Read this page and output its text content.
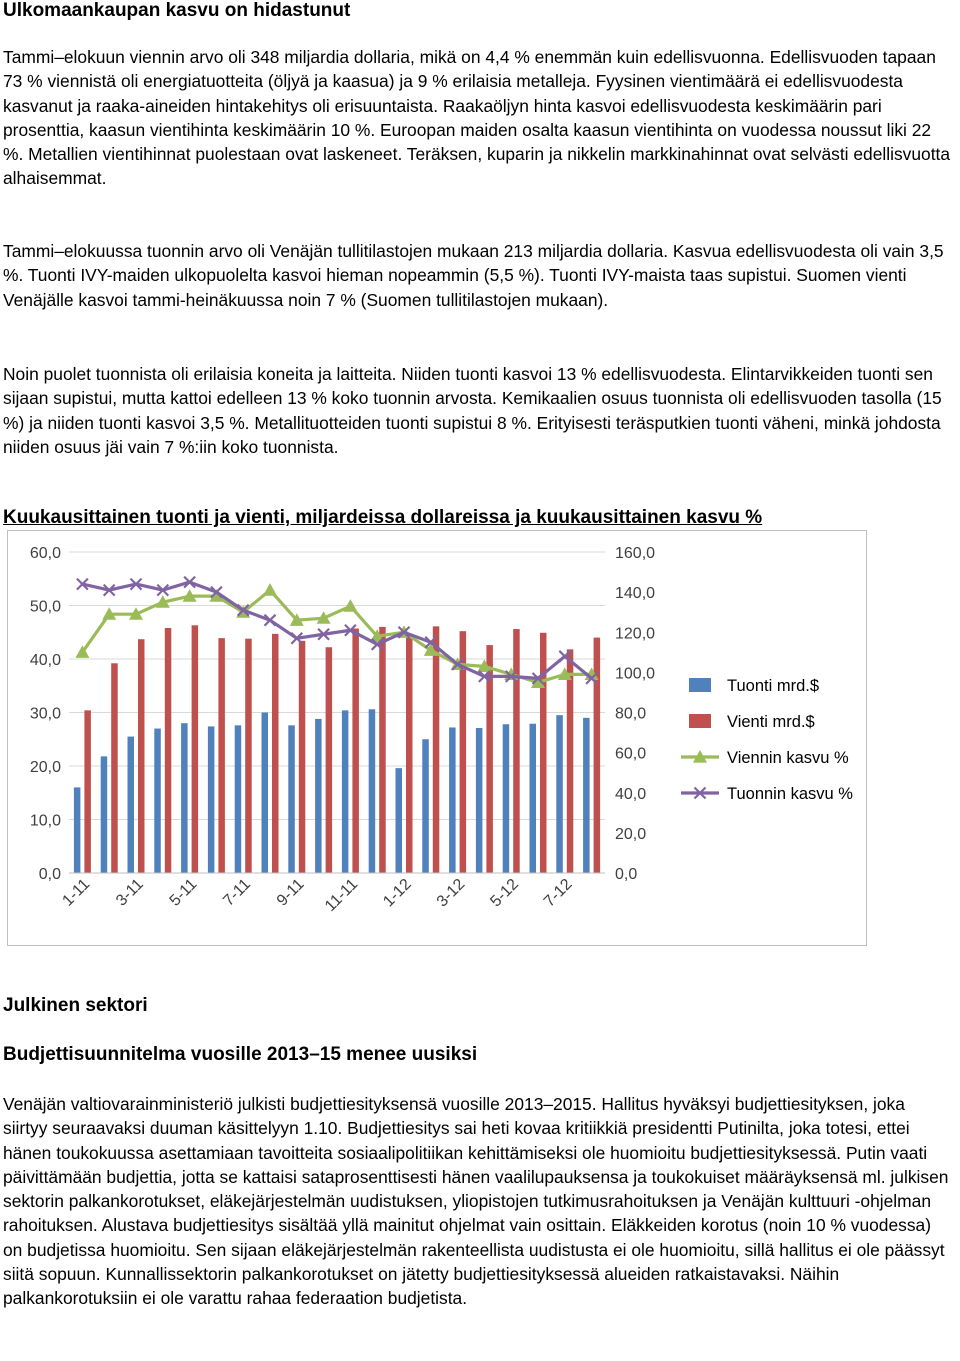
Ulkomaankaupan kasvu on hidastunut

Tammi–elokuun viennin arvo oli 348 miljardia dollaria, mikä on 4,4 % enemmän kuin edellisvuonna. Edellisvuoden tapaan 73 % viennistä oli energiatuotteita (öljyä ja kaasua) ja 9 % erilaisia metalleja. Fyysinen vientimäärä ei edellisvuodesta kasvanut ja raaka-aineiden hintakehitys oli erisuuntaista. Raakaöljyn hinta kasvoi edellisvuodesta keskimäärin pari prosenttia, kaasun vientihinta keskimäärin 10 %. Euroopan maiden osalta kaasun vientihinta on vuodessa noussut liki 22 %. Metallien vientihinnat puolestaan ovat laskeneet. Teräksen, kuparin ja nikkelin markkinahinnat ovat selvästi edellisvuotta alhaisemmat.

Tammi–elokuussa tuonnin arvo oli Venäjän tullitilastojen mukaan 213 miljardia dollaria. Kasvua edellisvuodesta oli vain 3,5 %. Tuonti IVY-maiden ulkopuolelta kasvoi hieman nopeammin (5,5 %). Tuonti IVY-maista taas supistui. Suomen vienti Venäjälle kasvoi tammi-heinäkuussa noin 7 % (Suomen tullitilastojen mukaan).

Noin puolet tuonnista oli erilaisia koneita ja laitteita. Niiden tuonti kasvoi 13 % edellisvuodesta. Elintarvikkeiden tuonti sen sijaan supistui, mutta kattoi edelleen 13 % koko tuonnin arvosta. Kemikaalien osuus tuonnista oli edellisvuoden tasolla (15 %) ja niiden tuonti kasvoi 3,5 %. Metallituotteiden tuonti supistui 8 %. Erityisesti teräsputkien tuonti väheni, minkä johdosta niiden osuus jäi vain 7 %:iin koko tuonnista.

Kuukausittainen tuonti ja vienti, miljardeissa dollareissa ja kuukausittainen kasvu %
Julkinen sektori
Budjettisuunnitelma vuosille 2013–15 menee uusiksi

Venäjän valtiovarainministeriö julkisti budjettiesityksensä vuosille 2013–2015. Hallitus hyväksyi budjettiesityksen, joka siirtyy seuraavaksi duuman käsittelyyn 1.10. Budjettiesitys sai heti kovaa kritiikkiä presidentti Putinilta, joka totesi, ettei hänen toukokuussa asettamiaan tavoitteita sosiaalipolitiikan kehittämiseksi ole huomioitu budjettiesityksessä. Putin vaati päivittämään budjettia, jotta se kattaisi sataprosenttisesti hänen vaalilupauksensa ja toukokuiset määräyksensä ml. julkisen sektorin palkankorotukset, eläkejärjestelmän uudistuksen, yliopistojen tutkimusrahoituksen ja Venäjän kulttuuri -ohjelman rahoituksen. Alustava budjettiesitys sisältää yllä mainitut ohjelmat vain osittain. Eläkkeiden korotus (noin 10 % vuodessa) on budjetissa huomioitu. Sen sijaan eläkejärjestelmän rakenteellista uudistusta ei ole huomioitu, sillä hallitus ei ole päässyt siitä sopuun. Kunnallissektorin palkankorotukset on jätetty budjettiesityksessä alueiden ratkaistavaksi. Näihin palkankorotuksiin ei ole varattu rahaa federaation budjetista.

0,0
10,0
20,0
30,0
40,0
50,0
60,0
0,0
20,0
40,0
60,0
80,0
100,0
120,0
140,0
160,0
1-11 3-11 5-11 7-11 9-11 11-11 1-12 3-12 5-12 7-12
Tuonti mrd.$
Vienti mrd.$
Viennin kasvu %
Tuonnin kasvu %
